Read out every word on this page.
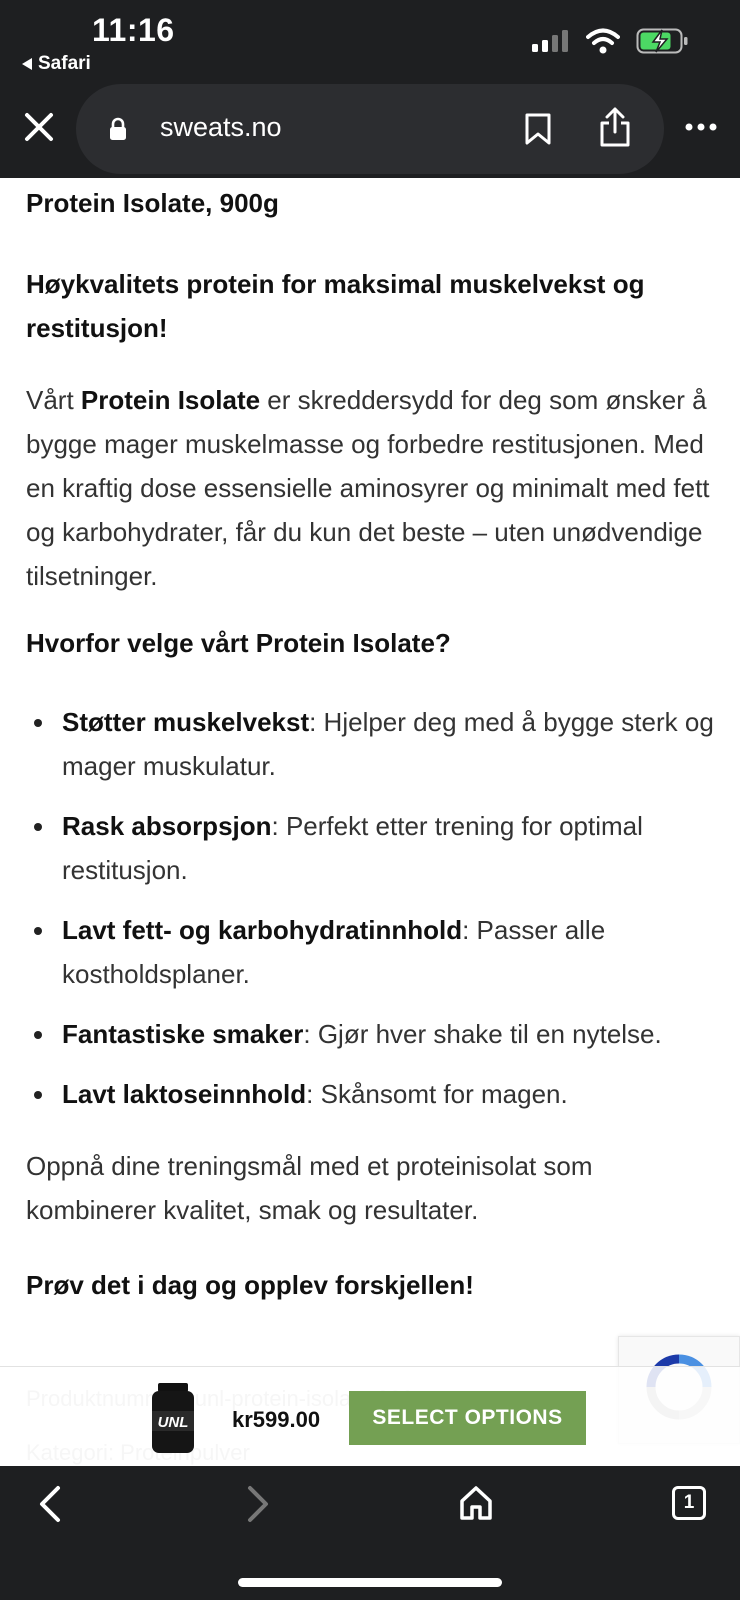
11:16
Safari
sweats.no
Protein Isolate, 900g
Høykvalitets protein for maksimal muskelvekst og restitusjon!

Vårt Protein Isolate er skreddersydd for deg som ønsker å bygge mager muskelmasse og forbedre restitusjonen. Med en kraftig dose essensielle aminosyrer og minimalt med fett og karbohydrater, får du kun det beste – uten unødvendige tilsetninger.

Hvorfor velge vårt Protein Isolate?
Støtter muskelvekst: Hjelper deg med å bygge sterk og mager muskulatur.
Rask absorpsjon: Perfekt etter trening for optimal restitusjon.
Lavt fett- og karbohydratinnhold: Passer alle kostholdsplaner.
Fantastiske smaker: Gjør hver shake til en nytelse.
Lavt laktoseinnhold: Skånsomt for magen.

Oppnå dine treningsmål med et proteinisolat som kombinerer kvalitet, smak og resultater.

Prøv det i dag og opplev forskjellen!
UNL kr599.00	SELECT OPTIONS
1
